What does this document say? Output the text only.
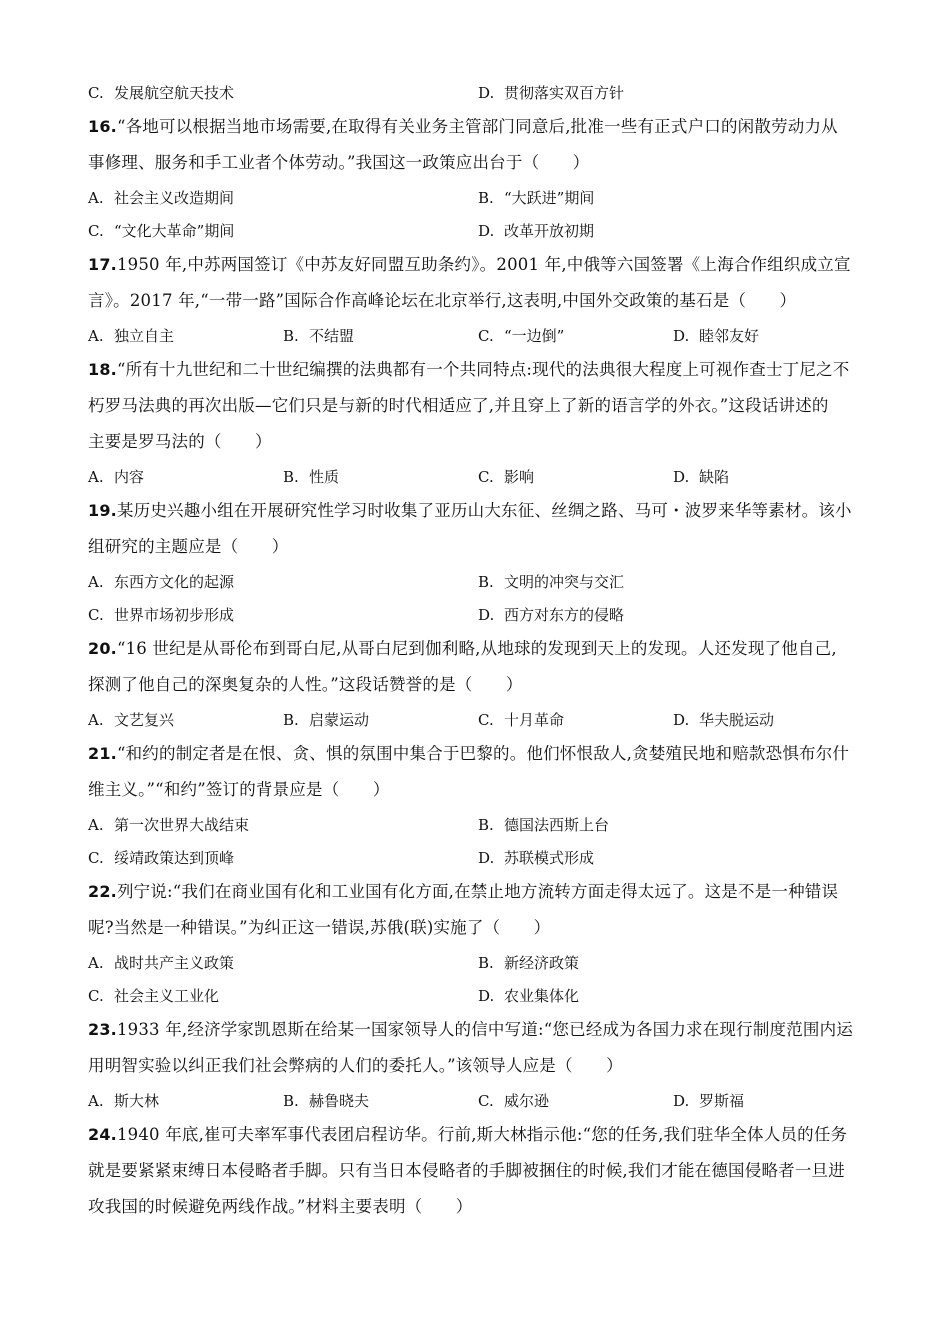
C. 发展航空航天技术	D. 贯彻落实双百方针
16.“各地可以根据当地市场需要,在取得有关业务主管部门同意后,批准一些有正式户口的闲散劳动力从
事修理、服务和手工业者个体劳动。”我国这一政策应出台于（　　）
A. 社会主义改造期间	B. “大跃进”期间
C. “文化大革命”期间	D. 改革开放初期
17.1950 年,中苏两国签订《中苏友好同盟互助条约》。2001 年,中俄等六国签署《上海合作组织成立宣
言》。2017 年,“一带一路”国际合作高峰论坛在北京举行,这表明,中国外交政策的基石是（　　）
A. 独立自主	B. 不结盟	C. “一边倒”	D. 睦邻友好
18.“所有十九世纪和二十世纪编撰的法典都有一个共同特点:现代的法典很大程度上可视作查士丁尼之不
朽罗马法典的再次出版—它们只是与新的时代相适应了,并且穿上了新的语言学的外衣。”这段话讲述的
主要是罗马法的（　　）
A. 内容	B. 性质	C. 影响	D. 缺陷
19.某历史兴趣小组在开展研究性学习时收集了亚历山大东征、丝绸之路、马可・波罗来华等素材。该小
组研究的主题应是（　　）
A. 东西方文化的起源	B. 文明的冲突与交汇
C. 世界市场初步形成	D. 西方对东方的侵略
20.“16 世纪是从哥伦布到哥白尼,从哥白尼到伽利略,从地球的发现到天上的发现。人还发现了他自己,
探测了他自己的深奥复杂的人性。”这段话赞誉的是（　　）
A. 文艺复兴	B. 启蒙运动	C. 十月革命	D. 华夫脱运动
21.“和约的制定者是在恨、贪、惧的氛围中集合于巴黎的。他们怀恨敌人,贪婪殖民地和赔款恐惧布尔什
维主义。”“和约”签订的背景应是（　　）
A. 第一次世界大战结束	B. 德国法西斯上台
C. 绥靖政策达到顶峰	D. 苏联模式形成
22.列宁说:“我们在商业国有化和工业国有化方面,在禁止地方流转方面走得太远了。这是不是一种错误
呢?当然是一种错误。”为纠正这一错误,苏俄(联)实施了（　　）
A. 战时共产主义政策	B. 新经济政策
C. 社会主义工业化	D. 农业集体化
23.1933 年,经济学家凯恩斯在给某一国家领导人的信中写道:“您已经成为各国力求在现行制度范围内运
用明智实验以纠正我们社会弊病的人们的委托人。”该领导人应是（　　）
A. 斯大林	B. 赫鲁晓夫	C. 威尔逊	D. 罗斯福
24.1940 年底,崔可夫率军事代表团启程访华。行前,斯大林指示他:“您的任务,我们驻华全体人员的任务
就是要紧紧束缚日本侵略者手脚。只有当日本侵略者的手脚被捆住的时候,我们才能在德国侵略者一旦进
攻我国的时候避免两线作战。”材料主要表明（　　）
